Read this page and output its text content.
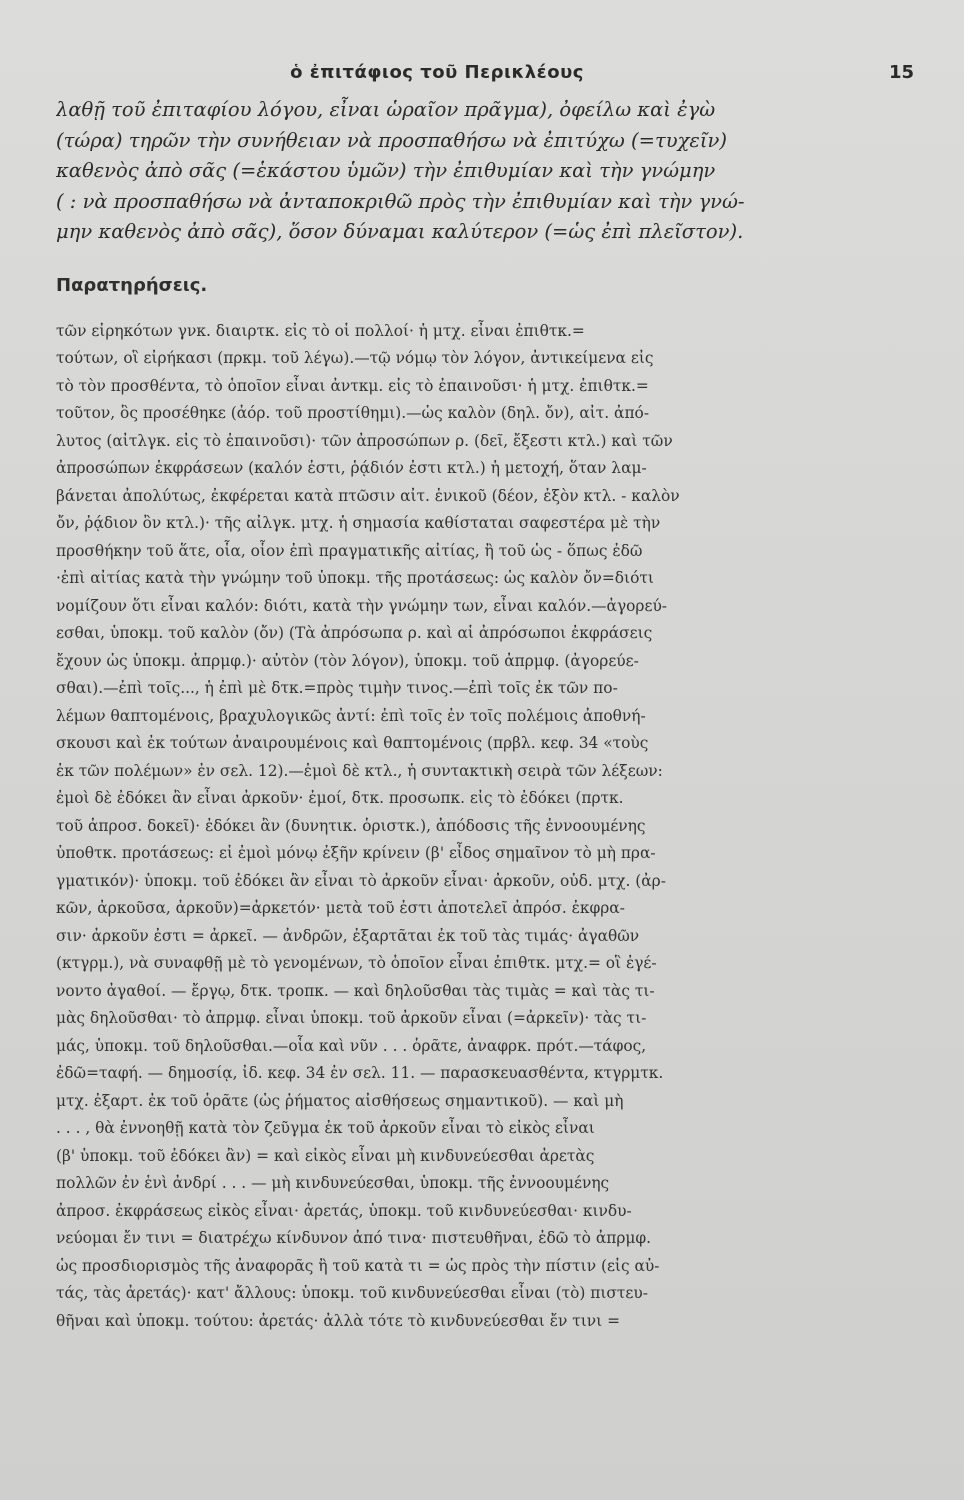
ὁ ἐπιτάφιος τοῦ Περικλέους	15
λαθῇ τοῦ ἐπιταφίου λόγου, εἶναι ὡραῖον πρᾶγμα), ὀφείλω καὶ ἐγὼ
(τώρα) τηρῶν τὴν συνήθειαν νὰ προσπαθήσω νὰ ἐπιτύχω (=τυχεῖν)
καθενὸς ἀπὸ σᾶς (=ἑκάστου ὑμῶν) τὴν ἐπιθυμίαν καὶ τὴν γνώμην
( : νὰ προσπαθήσω νὰ ἀνταποκριθῶ πρὸς τὴν ἐπιθυμίαν καὶ τὴν γνώ-
μην καθενὸς ἀπὸ σᾶς), ὅσον δύναμαι καλύτερον (=ὡς ἐπὶ πλεῖστον).
Παρατηρήσεις.
τῶν εἰρηκότων γνκ. διαιρτκ. εἰς τὸ οἱ πολλοί· ἡ μτχ. εἶναι ἐπιθτκ.=
τούτων, οἳ εἰρήκασι (πρκμ. τοῦ λέγω).—τῷ νόμῳ τὸν λόγον, ἀντικείμενα εἰς
τὸ τὸν προσθέντα, τὸ ὁποῖον εἶναι ἀντκμ. εἰς τὸ ἐπαινοῦσι· ἡ μτχ. ἐπιθτκ.=
τοῦτον, ὃς προσέθηκε (ἀόρ. τοῦ προστίθημι).—ὡς καλὸν (δηλ. ὄν), αἰτ. ἀπό-
λυτος (αἰτλγκ. εἰς τὸ ἐπαινοῦσι)· τῶν ἀπροσώπων ρ. (δεῖ, ἔξεστι κτλ.) καὶ τῶν
ἀπροσώπων ἐκφράσεων (καλόν ἐστι, ῥᾴδιόν ἐστι κτλ.) ἡ μετοχή, ὅταν λαμ-
βάνεται ἀπολύτως, ἐκφέρεται κατὰ πτῶσιν αἰτ. ἑνικοῦ (δέον, ἐξὸν κτλ. - καλὸν
ὄν, ῥᾴδιον ὂν κτλ.)· τῆς αἰλγκ. μτχ. ἡ σημασία καθίσταται σαφεστέρα μὲ τὴν
προσθήκην τοῦ ἅτε, οἷα, οἷον ἐπὶ πραγματικῆς αἰτίας, ἢ τοῦ ὡς - ὅπως ἐδῶ
·ἐπὶ αἰτίας κατὰ τὴν γνώμην τοῦ ὑποκμ. τῆς προτάσεως: ὡς καλὸν ὄν=διότι
νομίζουν ὅτι εἶναι καλόν: διότι, κατὰ τὴν γνώμην των, εἶναι καλόν.—ἀγορεύ-
εσθαι, ὑποκμ. τοῦ καλὸν (ὄν) (Τὰ ἀπρόσωπα ρ. καὶ αἱ ἀπρόσωποι ἐκφράσεις
ἔχουν ὡς ὑποκμ. ἀπρμφ.)· αὐτὸν (τὸν λόγον), ὑποκμ. τοῦ ἀπρμφ. (ἀγορεύε-
σθαι).—ἐπὶ τοῖς..., ἡ ἐπὶ μὲ δτκ.=πρὸς τιμὴν τινος.—ἐπὶ τοῖς ἐκ τῶν πο-
λέμων θαπτομένοις, βραχυλογικῶς ἀντί: ἐπὶ τοῖς ἐν τοῖς πολέμοις ἀποθνή-
σκουσι καὶ ἐκ τούτων ἀναιρουμένοις καὶ θαπτομένοις (πρβλ. κεφ. 34 «τοὺς
ἐκ τῶν πολέμων» ἐν σελ. 12).—ἐμοὶ δὲ κτλ., ἡ συντακτικὴ σειρὰ τῶν λέξεων:
ἐμοὶ δὲ ἐδόκει ἂν εἶναι ἀρκοῦν· ἐμοί, δτκ. προσωπκ. εἰς τὸ ἐδόκει (πρτκ.
τοῦ ἀπροσ. δοκεῖ)· ἐδόκει ἂν (δυνητικ. ὁριστκ.), ἀπόδοσις τῆς ἐννοουμένης
ὑποθτκ. προτάσεως: εἰ ἐμοὶ μόνῳ ἐξῆν κρίνειν (β' εἶδος σημαῖνον τὸ μὴ πρα-
γματικόν)· ὑποκμ. τοῦ ἐδόκει ἂν εἶναι τὸ ἀρκοῦν εἶναι· ἀρκοῦν, οὐδ. μτχ. (ἀρ-
κῶν, ἀρκοῦσα, ἀρκοῦν)=ἀρκετόν· μετὰ τοῦ ἐστι ἀποτελεῖ ἀπρόσ. ἐκφρα-
σιν· ἀρκοῦν ἐστι = ἀρκεῖ. — ἀνδρῶν, ἐξαρτᾶται ἐκ τοῦ τὰς τιμάς· ἀγαθῶν
(κτγρμ.), νὰ συναφθῇ μὲ τὸ γενομένων, τὸ ὁποῖον εἶναι ἐπιθτκ. μτχ.= οἳ ἐγέ-
νοντο ἀγαθοί. — ἔργῳ, δτκ. τροπκ. — καὶ δηλοῦσθαι τὰς τιμὰς = καὶ τὰς τι-
μὰς δηλοῦσθαι· τὸ ἀπρμφ. εἶναι ὑποκμ. τοῦ ἀρκοῦν εἶναι (=ἀρκεῖν)· τὰς τι-
μάς, ὑποκμ. τοῦ δηλοῦσθαι.—οἷα καὶ νῦν . . . ὁρᾶτε, ἀναφρκ. πρότ.—τάφος,
ἐδῶ=ταφή. — δημοσίᾳ, ἰδ. κεφ. 34 ἐν σελ. 11. — παρασκευασθέντα, κτγρμτκ.
μτχ. ἐξαρτ. ἐκ τοῦ ὁρᾶτε (ὡς ῥήματος αἰσθήσεως σημαντικοῦ). — καὶ μὴ
. . . , θὰ ἐννοηθῇ κατὰ τὸν ζεῦγμα ἐκ τοῦ ἀρκοῦν εἶναι τὸ εἰκὸς εἶναι
(β' ὑποκμ. τοῦ ἐδόκει ἂν) = καὶ εἰκὸς εἶναι μὴ κινδυνεύεσθαι ἀρετὰς
πολλῶν ἐν ἑνὶ ἀνδρί . . . — μὴ κινδυνεύεσθαι, ὑποκμ. τῆς ἐννοουμένης
ἀπροσ. ἐκφράσεως εἰκὸς εἶναι· ἀρετάς, ὑποκμ. τοῦ κινδυνεύεσθαι· κινδυ-
νεύομαι ἔν τινι = διατρέχω κίνδυνον ἀπό τινα· πιστευθῆναι, ἐδῶ τὸ ἀπρμφ.
ὡς προσδιορισμὸς τῆς ἀναφορᾶς ἢ τοῦ κατὰ τι = ὡς πρὸς τὴν πίστιν (εἰς αὐ-
τάς, τὰς ἀρετάς)· κατ' ἄλλους: ὑποκμ. τοῦ κινδυνεύεσθαι εἶναι (τὸ) πιστευ-
θῆναι καὶ ὑποκμ. τούτου: ἀρετάς· ἀλλὰ τότε τὸ κινδυνεύεσθαι ἔν τινι =
